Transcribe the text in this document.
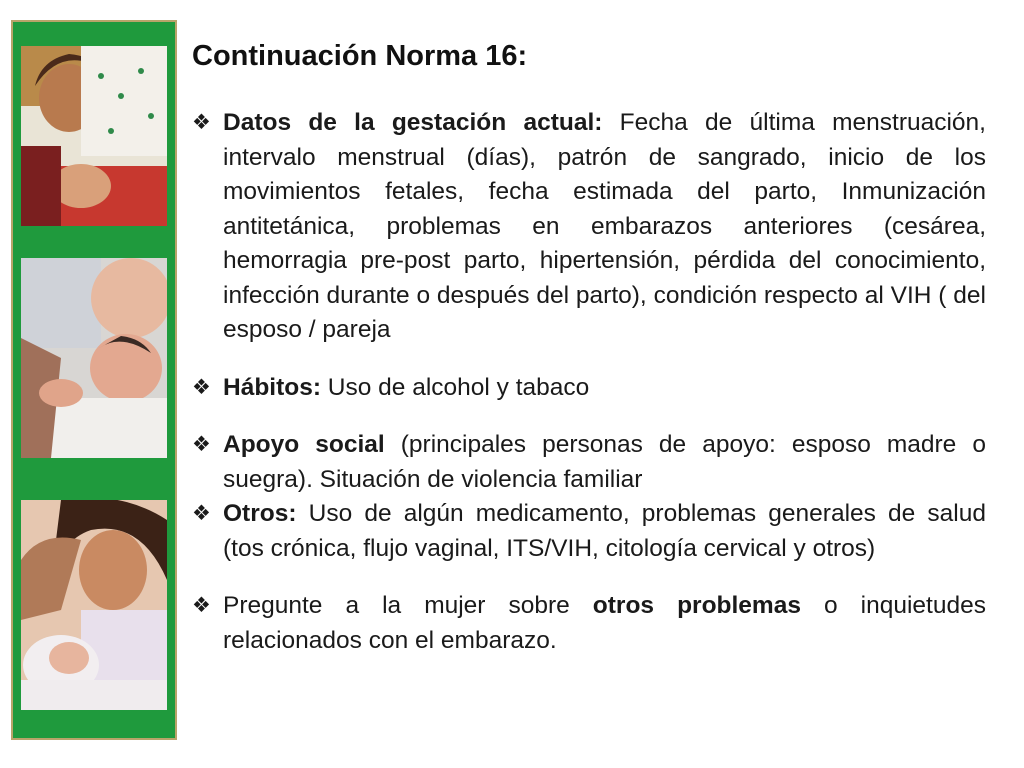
Continuación Norma 16:
❖ Datos de la gestación actual: Fecha de última menstruación, intervalo menstrual (días), patrón de sangrado, inicio de los movimientos fetales, fecha estimada del parto, Inmunización antitetánica, problemas en embarazos anteriores (cesárea, hemorragia pre-post parto, hipertensión, pérdida del conocimiento, infección durante o después del parto), condición respecto al VIH ( del esposo / pareja
❖ Hábitos: Uso de alcohol y tabaco
❖ Apoyo social (principales personas de apoyo: esposo madre o suegra). Situación de violencia familiar
❖ Otros: Uso de algún medicamento, problemas generales de salud (tos crónica, flujo vaginal, ITS/VIH, citología cervical y otros)
❖ Pregunte a la mujer sobre otros problemas o inquietudes relacionados con el embarazo.
